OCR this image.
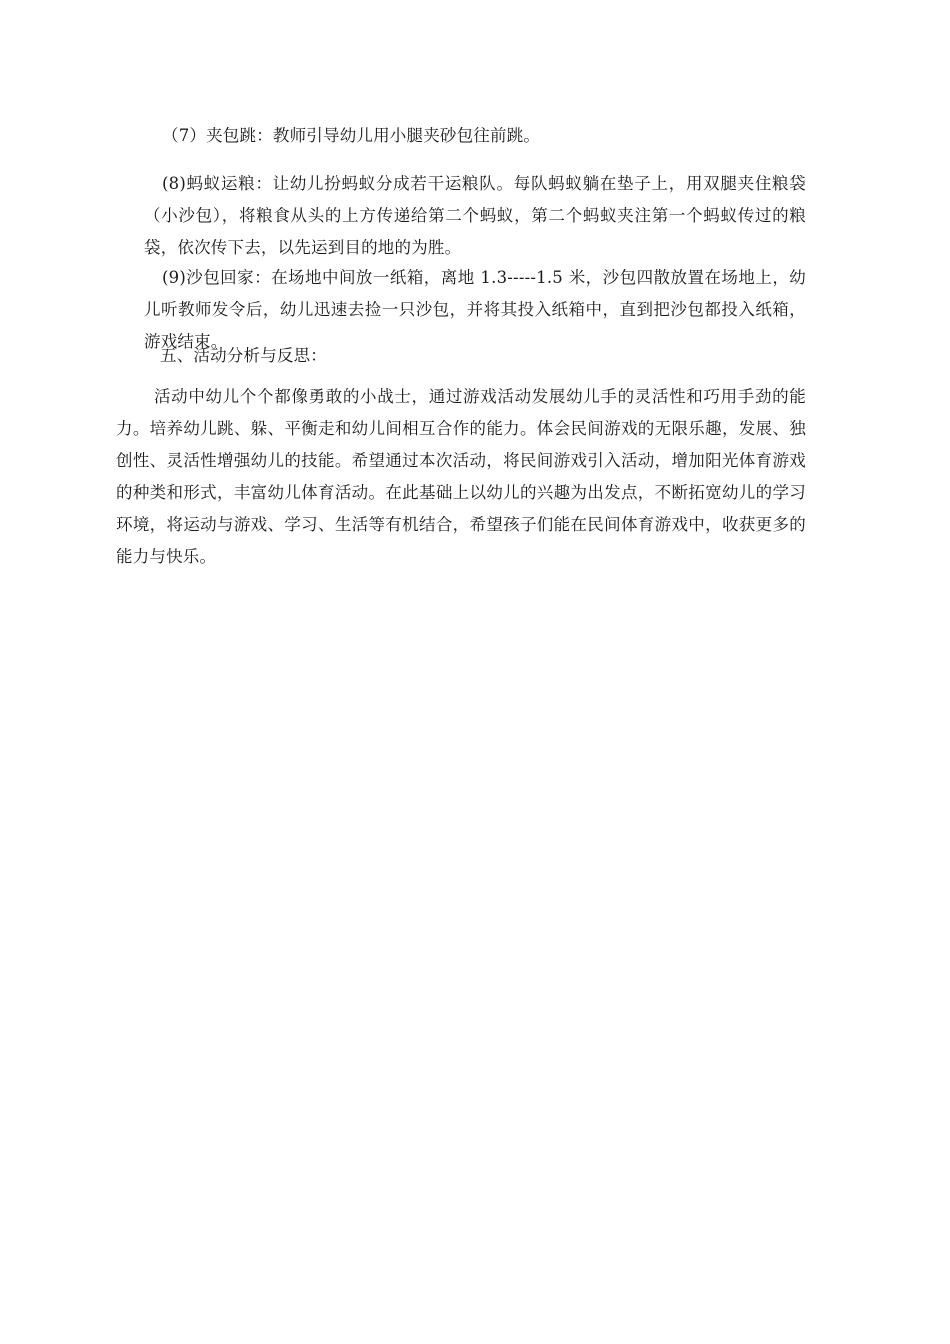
（7）夹包跳：教师引导幼儿用小腿夹砂包往前跳。

(8)蚂蚁运粮：让幼儿扮蚂蚁分成若干运粮队。每队蚂蚁躺在垫子上，用双腿夹住粮袋（小沙包），将粮食从头的上方传递给第二个蚂蚁，第二个蚂蚁夹注第一个蚂蚁传过的粮袋，依次传下去，以先运到目的地的为胜。

(9)沙包回家：在场地中间放一纸箱，离地 1.3-----1.5 米，沙包四散放置在场地上，幼儿听教师发令后，幼儿迅速去捡一只沙包，并将其投入纸箱中，直到把沙包都投入纸箱，游戏结束。

五、活动分析与反思：

活动中幼儿个个都像勇敢的小战士，通过游戏活动发展幼儿手的灵活性和巧用手劲的能力。培养幼儿跳、躲、平衡走和幼儿间相互合作的能力。体会民间游戏的无限乐趣，发展、独创性、灵活性增强幼儿的技能。希望通过本次活动，将民间游戏引入活动，增加阳光体育游戏的种类和形式，丰富幼儿体育活动。在此基础上以幼儿的兴趣为出发点，不断拓宽幼儿的学习环境，将运动与游戏、学习、生活等有机结合，希望孩子们能在民间体育游戏中，收获更多的能力与快乐。
